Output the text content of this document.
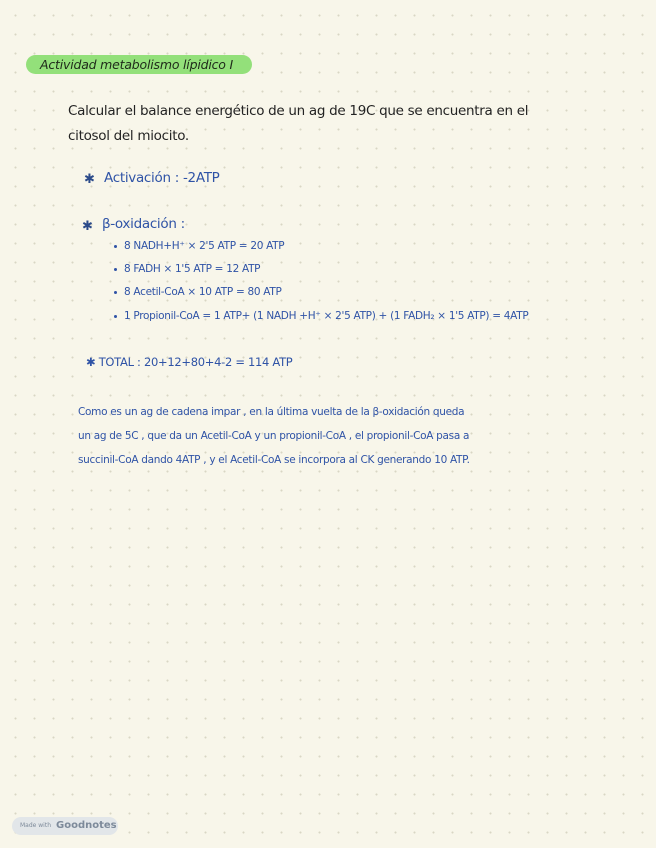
Actividad metabolismo lípidico I
Calcular el balance energético de un ag de 19C que se encuentra en el
citosol del miocito.
✱ Activación : -2ATP
✱ β-oxidación :
8 NADH+H⁺ × 2'5 ATP = 20 ATP
8 FADH × 1'5 ATP = 12 ATP
8 Acetil-CoA × 10 ATP = 80 ATP
1 Propionil-CoA = 1 ATP+ (1 NADH +H⁺ × 2'5 ATP) + (1 FADH₂ × 1'5 ATP) = 4ATP
✱ TOTAL : 20+12+80+4-2 = 114 ATP
Como es un ag de cadena impar , en la última vuelta de la β-oxidación queda
un ag de 5C , que da un Acetil-CoA y un propionil-CoA , el propionil-CoA pasa a
succinil-CoA dando 4ATP , y el Acetil-CoA se incorpora al CK generando 10 ATP.
Made with Goodnotes
